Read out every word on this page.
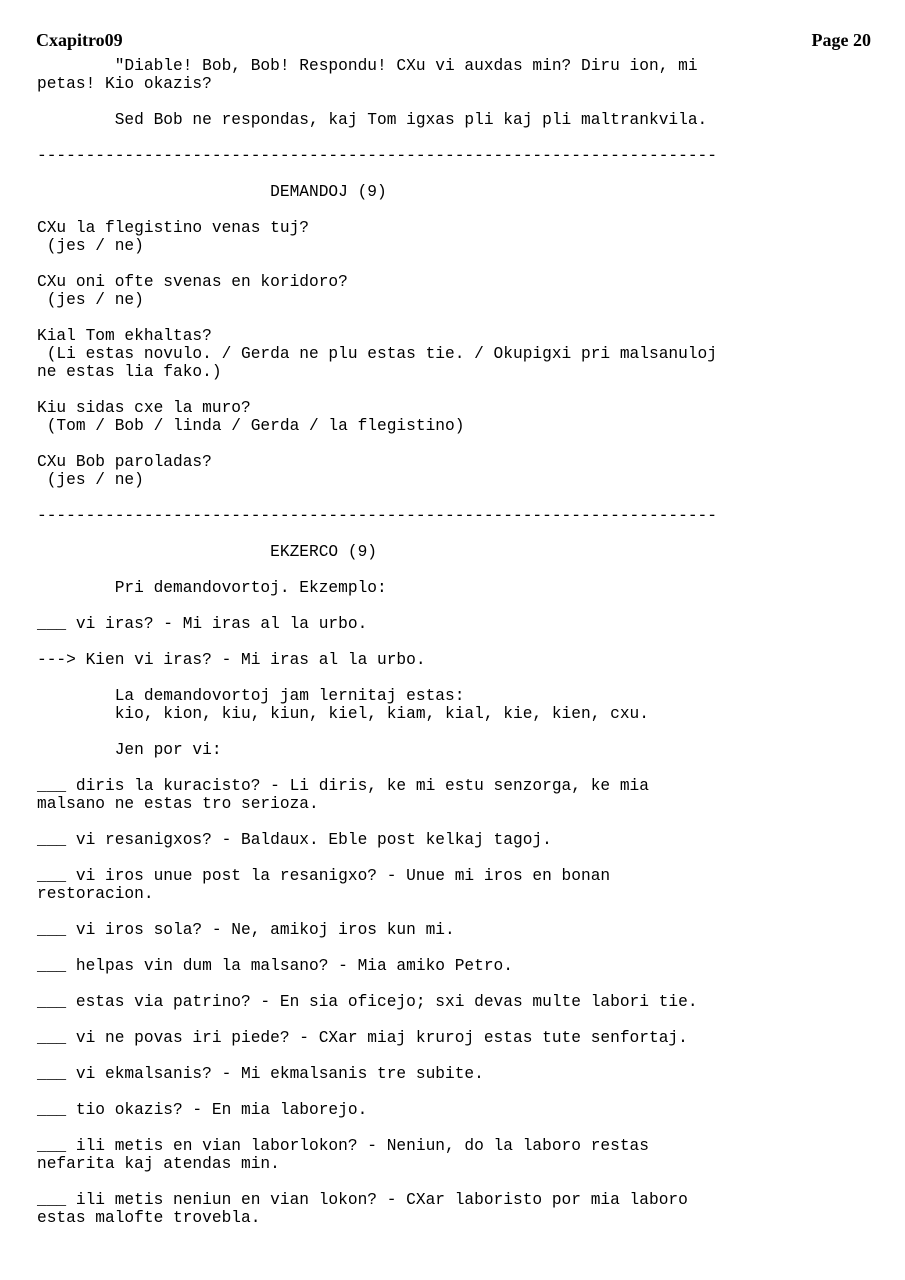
Cxapitro09	Page 20
"Diable! Bob, Bob! Respondu! CXu vi auxdas min? Diru ion, mi
petas! Kio okazis?
Sed Bob ne respondas, kaj Tom igxas pli kaj pli maltrankvila.
----------------------------------------------------------------------
DEMANDOJ (9)
CXu la flegistino venas tuj?
(jes / ne)
CXu oni ofte svenas en koridoro?
(jes / ne)
Kial Tom ekhaltas?
(Li estas novulo. / Gerda ne plu estas tie. / Okupigxi pri malsanuloj
ne estas lia fako.)
Kiu sidas cxe la muro?
(Tom / Bob / linda / Gerda / la flegistino)
CXu Bob paroladas?
(jes / ne)
----------------------------------------------------------------------
EKZERCO (9)
Pri demandovortoj. Ekzemplo:
___ vi iras? - Mi iras al la urbo.
---> Kien vi iras? - Mi iras al la urbo.
La demandovortoj jam lernitaj estas:
kio, kion, kiu, kiun, kiel, kiam, kial, kie, kien, cxu.
Jen por vi:
___ diris la kuracisto? - Li diris, ke mi estu senzorga, ke mia
malsano ne estas tro serioza.
___ vi resanigxos? - Baldaux. Eble post kelkaj tagoj.
___ vi iros unue post la resanigxo? - Unue mi iros en bonan
restoracion.
___ vi iros sola? - Ne, amikoj iros kun mi.
___ helpas vin dum la malsano? - Mia amiko Petro.
___ estas via patrino? - En sia oficejo; sxi devas multe labori tie.
___ vi ne povas iri piede? - CXar miaj kruroj estas tute senfortaj.
___ vi ekmalsanis? - Mi ekmalsanis tre subite.
___ tio okazis? - En mia laborejo.
___ ili metis en vian laborlokon? - Neniun, do la laboro restas
nefarita kaj atendas min.
___ ili metis neniun en vian lokon? - CXar laboristo por mia laboro
estas malofte trovebla.
